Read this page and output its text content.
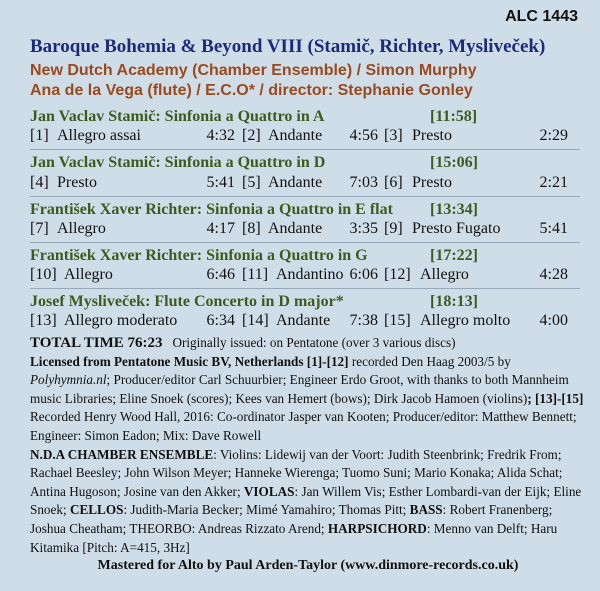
ALC 1443
Baroque Bohemia & Beyond VIII (Stamič, Richter, Mysliveček)
New Dutch Academy (Chamber Ensemble) / Simon Murphy
Ana de la Vega (flute) / E.C.O* / director: Stephanie Gonley
Jan Vaclav Stamič: Sinfonia a Quattro in A	[11:58]
[1] Allegro assai	4:32 [2] Andante	4:56 [3] Presto	2:29
Jan Vaclav Stamič: Sinfonia a Quattro in D	[15:06]
[4] Presto	5:41 [5] Andante	7:03 [6] Presto	2:21
František Xaver Richter: Sinfonia a Quattro in E flat [13:34]
[7] Allegro	4:17 [8] Andante	3:35 [9] Presto Fugato	5:41
František Xaver Richter: Sinfonia a Quattro in G	[17:22]
[10] Allegro	6:46 [11] Andantino 6:06 [12] Allegro	4:28
Josef Mysliveček: Flute Concerto in D major*	[18:13]
[13] Allegro moderato	6:34 [14] Andante	7:38 [15] Allegro molto	4:00

TOTAL TIME 76:23 Originally issued: on Pentatone (over 3 various discs)
Licensed from Pentatone Music BV, Netherlands [1]-[12] recorded Den Haag 2003/5 by Polyhymnia.nl; Producer/editor Carl Schuurbier; Engineer Erdo Groot, with thanks to both Mannheim music Libraries; Eline Snoek (scores); Kees van Hemert (bows); Dirk Jacob Hamoen (violins); [13]-[15] Recorded Henry Wood Hall, 2016: Co-ordinator Jasper van Kooten; Producer/editor: Matthew Bennett; Engineer: Simon Eadon; Mix: Dave Rowell
N.D.A CHAMBER ENSEMBLE: Violins: Lidewij van der Voort: Judith Steenbrink; Fredrik From; Rachael Beesley; John Wilson Meyer; Hanneke Wierenga; Tuomo Suni; Mario Konaka; Alida Schat; Antina Hugoson; Josine van den Akker; VIOLAS: Jan Willem Vis; Esther Lombardi-van der Eijk; Eline Snoek; CELLOS: Judith-Maria Becker; Mimé Yamahiro; Thomas Pitt; BASS: Robert Franenberg; Joshua Cheatham; THEORBO: Andreas Rizzato Arend; HARPSICHORD: Menno van Delft; Haru Kitamika [Pitch: A=415, 3Hz]

Mastered for Alto by Paul Arden-Taylor (www.dinmore-records.co.uk)
